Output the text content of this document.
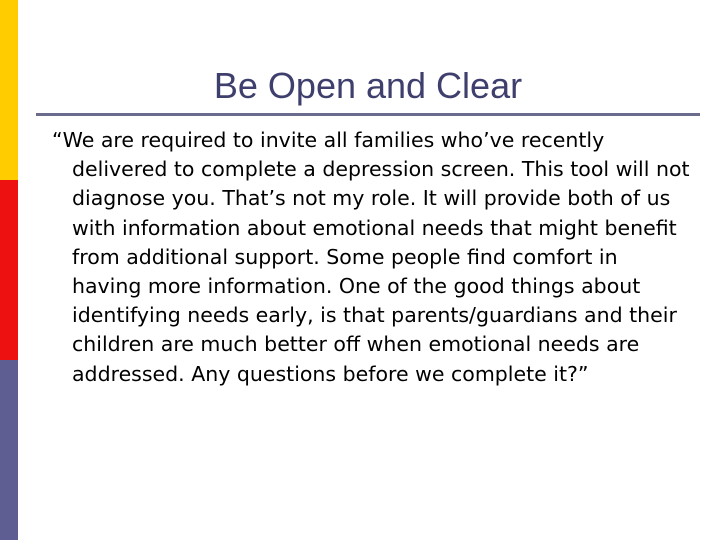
Be Open and Clear

“We are required to invite all families who’ve recently delivered to complete a depression screen. This tool will not diagnose you. That’s not my role. It will provide both of us with information about emotional needs that might benefit from additional support. Some people find comfort in having more information. One of the good things about identifying needs early, is that parents/guardians and their children are much better off when emotional needs are addressed. Any questions before we complete it?”
